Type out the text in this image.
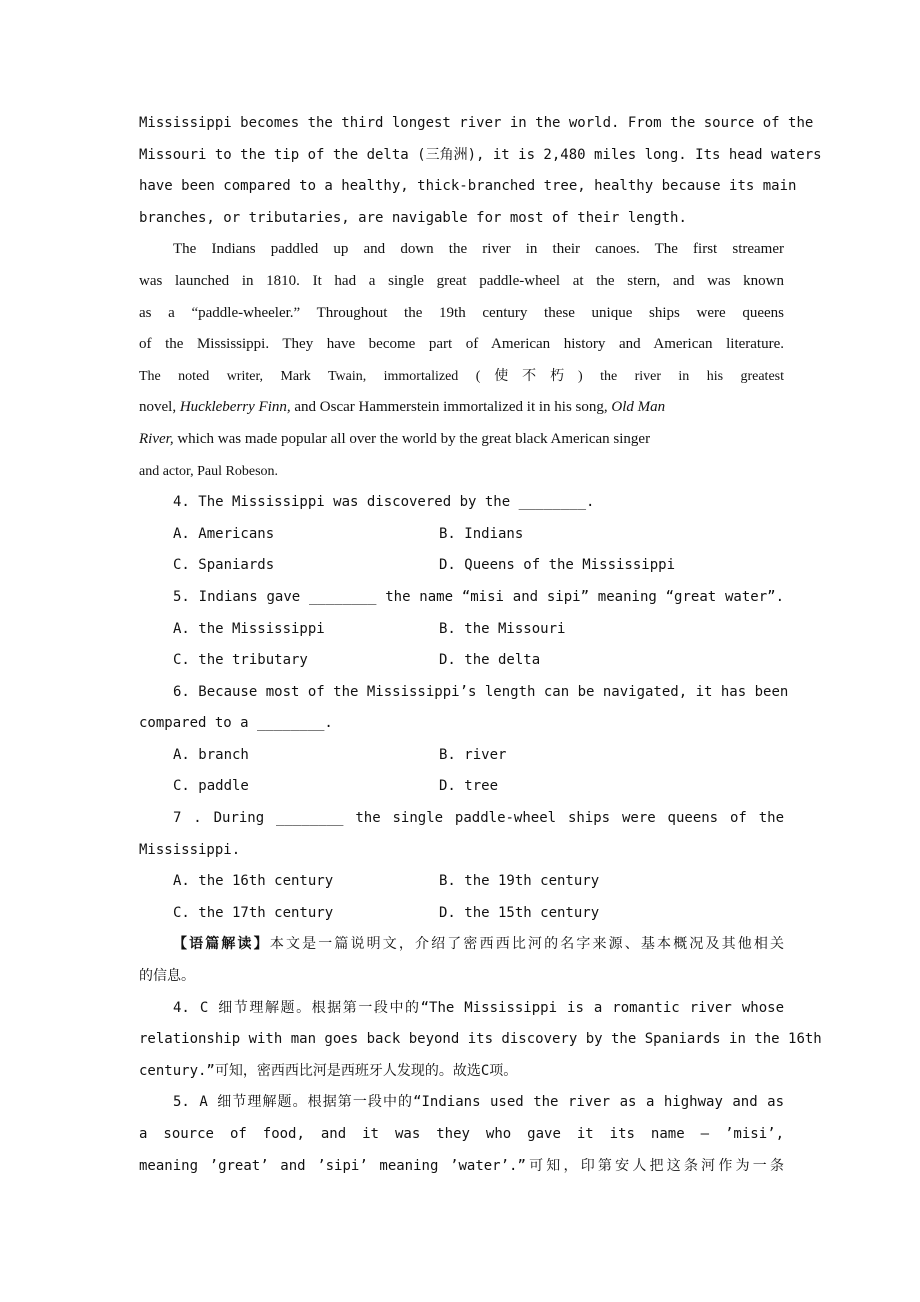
Mississippi becomes the third longest river in the world. From the source of the
Missouri to the tip of the delta (三角洲), it is 2,480 miles long. Its head waters
have been compared to a healthy, thick-branched tree, healthy because its main
branches, or tributaries, are navigable for most of their length.
The Indians paddled up and down the river in their canoes. The first streamer
was launched in 1810. It had a single great paddle-wheel at the stern, and was known
as a “paddle-wheeler.” Throughout the 19th century these unique ships were queens
of the Mississippi. They have become part of American history and American literature.
The noted writer, Mark Twain, immortalized (使不朽) the river in his greatest
novel, Huckleberry Finn, and Oscar Hammerstein immortalized it in his song, Old Man
River, which was made popular all over the world by the great black American singer
and actor, Paul Robeson.
4. The Mississippi was discovered by the ________.
A. Americans	B. Indians
C. Spaniards	D. Queens of the Mississippi
5. Indians gave ________ the name “misi and sipi” meaning “great water”.
A. the Mississippi	B. the Missouri
C. the tributary	D. the delta
6. Because most of the Mississippi’s length can be navigated, it has been
compared to a ________.
A. branch	B. river
C. paddle	D. tree
7 . During ________ the single paddle-wheel ships were queens of the
Mississippi.
A. the 16th century	B. the 19th century
C. the 17th century	D. the 15th century
【语篇解读】本文是一篇说明文，介绍了密西西比河的名字来源、基本概况及其他相关
的信息。
4. C 细节理解题。根据第一段中的“The Mississippi is a romantic river whose
relationship with man goes back beyond its discovery by the Spaniards in the 16th
century.”可知，密西西比河是西班牙人发现的。故选C项。
5. A 细节理解题。根据第一段中的“Indians used the river as a highway and as
a source of food, and it was they who gave it its name — ’misi’,
meaning ’great’ and ’sipi’ meaning ’water’.”可知，印第安人把这条河作为一条
